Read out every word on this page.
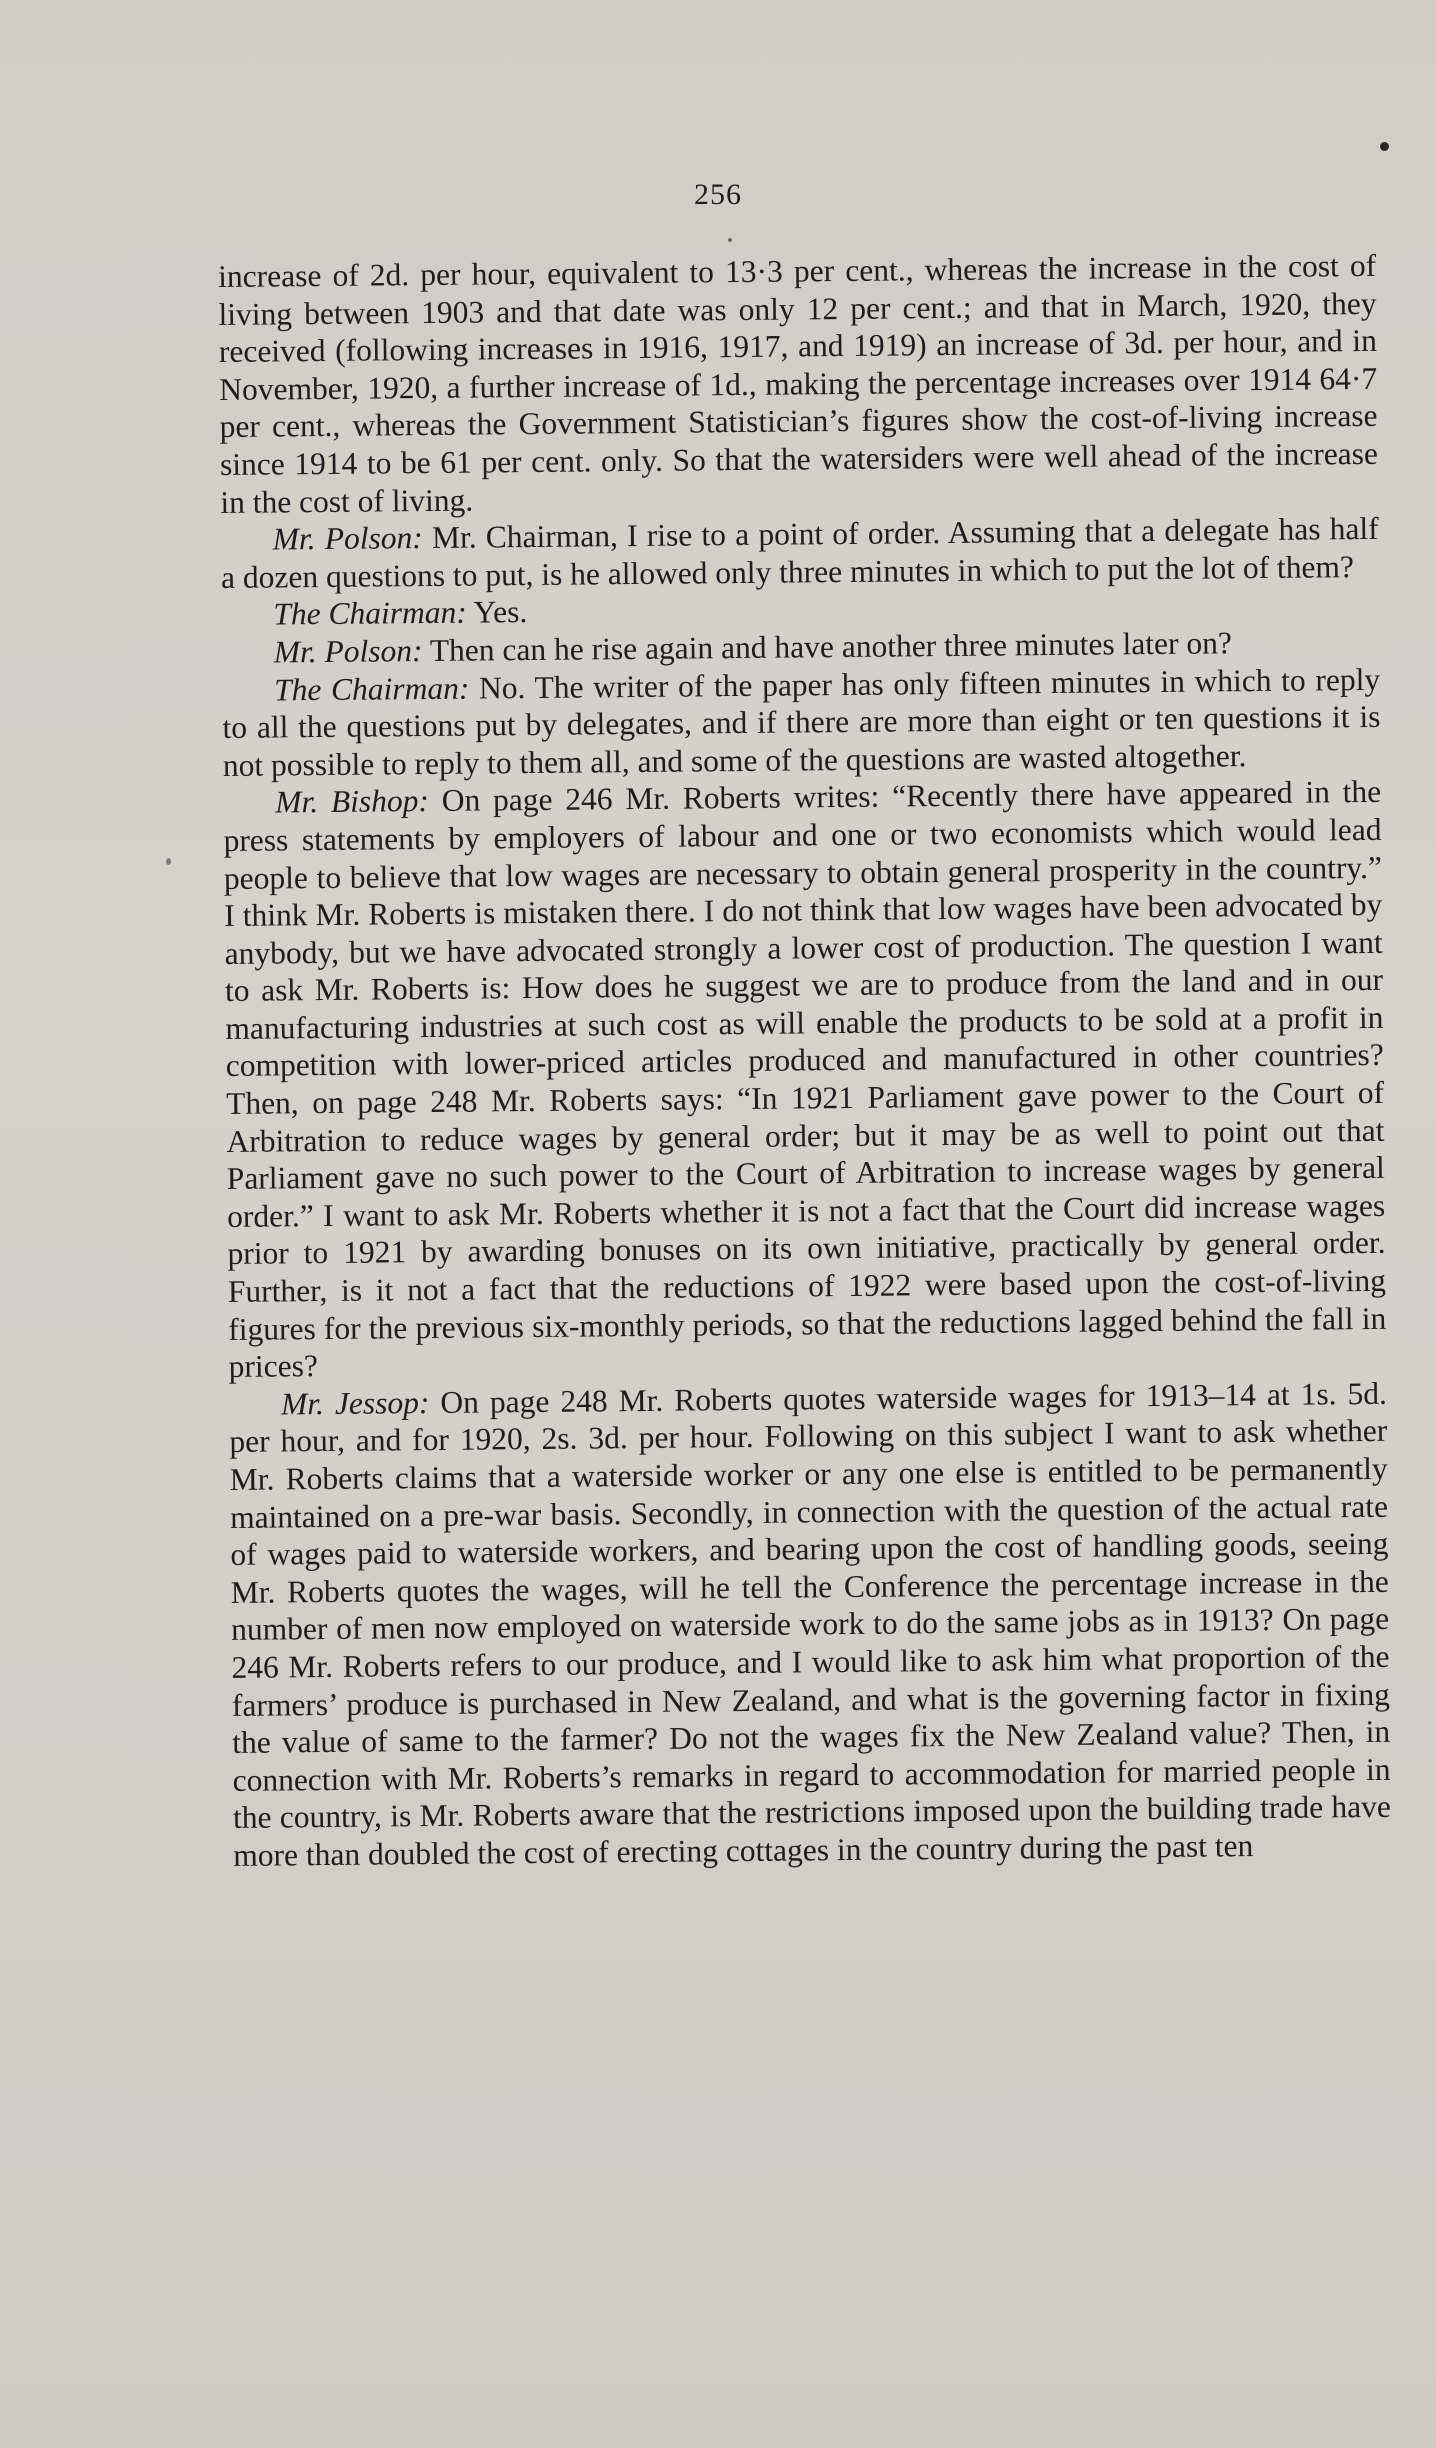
256

increase of 2d. per hour, equivalent to 13·3 per cent., whereas the increase in the cost of living between 1903 and that date was only 12 per cent.; and that in March, 1920, they received (following increases in 1916, 1917, and 1919) an increase of 3d. per hour, and in November, 1920, a further increase of 1d., making the percentage increases over 1914 64·7 per cent., whereas the Government Statistician’s figures show the cost-of-living increase since 1914 to be 61 per cent. only. So that the watersiders were well ahead of the increase in the cost of living.

Mr. Polson: Mr. Chairman, I rise to a point of order. Assuming that a delegate has half a dozen questions to put, is he allowed only three minutes in which to put the lot of them?

The Chairman: Yes.

Mr. Polson: Then can he rise again and have another three minutes later on?

The Chairman: No. The writer of the paper has only fifteen minutes in which to reply to all the questions put by delegates, and if there are more than eight or ten questions it is not possible to reply to them all, and some of the questions are wasted altogether.

Mr. Bishop: On page 246 Mr. Roberts writes: “Recently there have appeared in the press statements by employers of labour and one or two economists which would lead people to believe that low wages are necessary to obtain general prosperity in the country.” I think Mr. Roberts is mistaken there. I do not think that low wages have been advocated by anybody, but we have advocated strongly a lower cost of production. The question I want to ask Mr. Roberts is: How does he suggest we are to produce from the land and in our manufacturing industries at such cost as will enable the products to be sold at a profit in competition with lower-priced articles produced and manufactured in other countries? Then, on page 248 Mr. Roberts says: “In 1921 Parliament gave power to the Court of Arbitration to reduce wages by general order; but it may be as well to point out that Parliament gave no such power to the Court of Arbitration to increase wages by general order.” I want to ask Mr. Roberts whether it is not a fact that the Court did increase wages prior to 1921 by awarding bonuses on its own initiative, practically by general order. Further, is it not a fact that the reductions of 1922 were based upon the cost-of-living figures for the previous six-monthly periods, so that the reductions lagged behind the fall in prices?

Mr. Jessop: On page 248 Mr. Roberts quotes waterside wages for 1913–14 at 1s. 5d. per hour, and for 1920, 2s. 3d. per hour. Following on this subject I want to ask whether Mr. Roberts claims that a waterside worker or any one else is entitled to be permanently maintained on a pre-war basis. Secondly, in connection with the question of the actual rate of wages paid to waterside workers, and bearing upon the cost of handling goods, seeing Mr. Roberts quotes the wages, will he tell the Conference the percentage increase in the number of men now employed on waterside work to do the same jobs as in 1913? On page 246 Mr. Roberts refers to our produce, and I would like to ask him what proportion of the farmers’ produce is purchased in New Zealand, and what is the governing factor in fixing the value of same to the farmer? Do not the wages fix the New Zealand value? Then, in connection with Mr. Roberts’s remarks in regard to accommodation for married people in the country, is Mr. Roberts aware that the restrictions imposed upon the building trade have more than doubled the cost of erecting cottages in the country during the past ten
